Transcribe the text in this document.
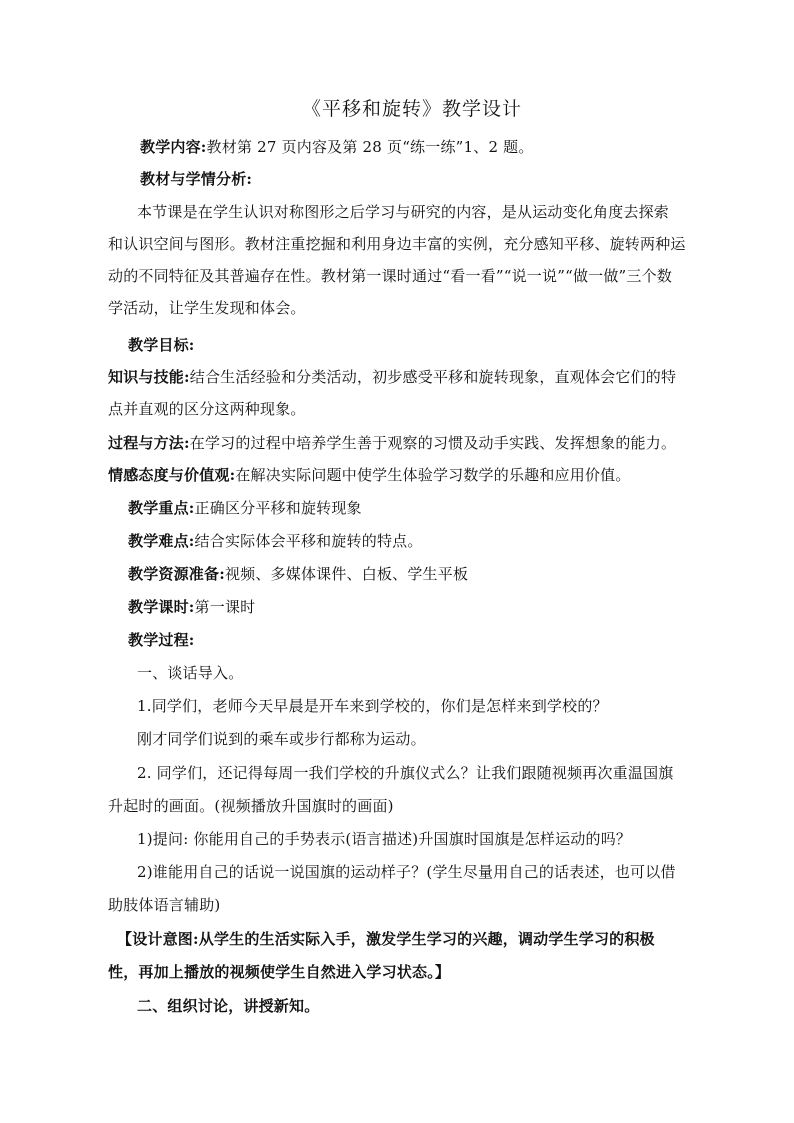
《平移和旋转》教学设计
教学内容:教材第 27 页内容及第 28 页“练一练”1、2 题。
教材与学情分析:
本节课是在学生认识对称图形之后学习与研究的内容，是从运动变化角度去探索
和认识空间与图形。教材注重挖掘和利用身边丰富的实例，充分感知平移、旋转两种运
动的不同特征及其普遍存在性。教材第一课时通过“看一看”“说一说”“做一做”三个数
学活动，让学生发现和体会。
教学目标:
知识与技能:结合生活经验和分类活动，初步感受平移和旋转现象，直观体会它们的特
点并直观的区分这两种现象。
过程与方法:在学习的过程中培养学生善于观察的习惯及动手实践、发挥想象的能力。
情感态度与价值观:在解决实际问题中使学生体验学习数学的乐趣和应用价值。
教学重点:正确区分平移和旋转现象
教学难点:结合实际体会平移和旋转的特点。
教学资源准备:视频、多媒体课件、白板、学生平板
教学课时:第一课时
教学过程:
一、谈话导入。
1.同学们，老师今天早晨是开车来到学校的，你们是怎样来到学校的？
刚才同学们说到的乘车或步行都称为运动。
2. 同学们，还记得每周一我们学校的升旗仪式么？让我们跟随视频再次重温国旗
升起时的画面。(视频播放升国旗时的画面)
1)提问: 你能用自己的手势表示(语言描述)升国旗时国旗是怎样运动的吗？
2)谁能用自己的话说一说国旗的运动样子？(学生尽量用自己的话表述，也可以借
助肢体语言辅助)
【设计意图:从学生的生活实际入手，激发学生学习的兴趣，调动学生学习的积极
性，再加上播放的视频使学生自然进入学习状态。】
二、组织讨论，讲授新知。
